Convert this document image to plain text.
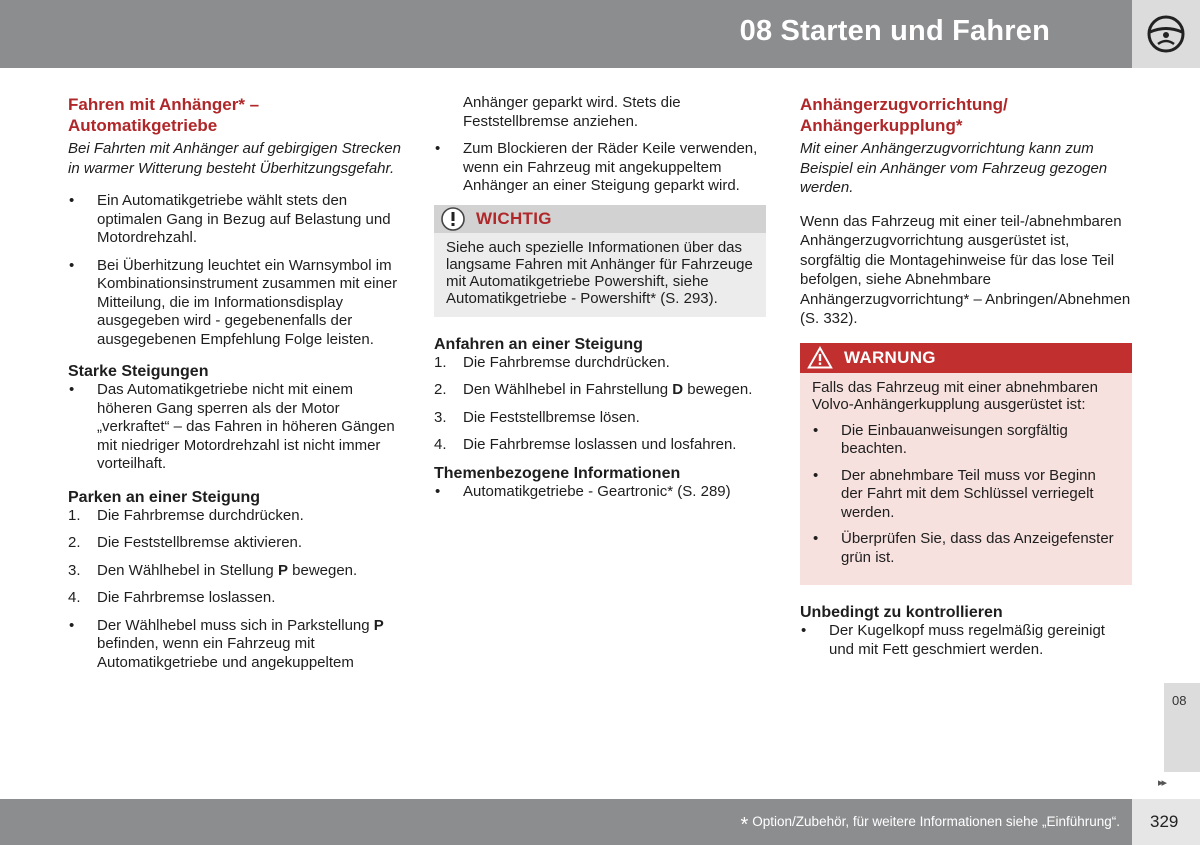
08 Starten und Fahren
Fahren mit Anhänger* – Automatikgetriebe
Bei Fahrten mit Anhänger auf gebirgigen Strecken in warmer Witterung besteht Überhitzungsgefahr.
• Ein Automatikgetriebe wählt stets den optimalen Gang in Bezug auf Belastung und Motordrehzahl.
• Bei Überhitzung leuchtet ein Warnsymbol im Kombinationsinstrument zusammen mit einer Mitteilung, die im Informationsdisplay ausgegeben wird - gegebenenfalls der ausgegebenen Empfehlung Folge leisten.
Starke Steigungen
• Das Automatikgetriebe nicht mit einem höheren Gang sperren als der Motor „verkraftet“ – das Fahren in höheren Gängen mit niedriger Motordrehzahl ist nicht immer vorteilhaft.
Parken an einer Steigung
1. Die Fahrbremse durchdrücken.
2. Die Feststellbremse aktivieren.
3. Den Wählhebel in Stellung P bewegen.
4. Die Fahrbremse loslassen.
• Der Wählhebel muss sich in Parkstellung P befinden, wenn ein Fahrzeug mit Automatikgetriebe und angekuppeltem
Anhänger geparkt wird. Stets die Feststellbremse anziehen.
• Zum Blockieren der Räder Keile verwenden, wenn ein Fahrzeug mit angekuppeltem Anhänger an einer Steigung geparkt wird.
WICHTIG
Siehe auch spezielle Informationen über das langsame Fahren mit Anhänger für Fahrzeuge mit Automatikgetriebe Powershift, siehe Automatikgetriebe - Powershift* (S. 293).
Anfahren an einer Steigung
1. Die Fahrbremse durchdrücken.
2. Den Wählhebel in Fahrstellung D bewegen.
3. Die Feststellbremse lösen.
4. Die Fahrbremse loslassen und losfahren.
Themenbezogene Informationen
• Automatikgetriebe - Geartronic* (S. 289)
Anhängerzugvorrichtung/ Anhängerkupplung*
Mit einer Anhängerzugvorrichtung kann zum Beispiel ein Anhänger vom Fahrzeug gezogen werden.
Wenn das Fahrzeug mit einer teil-/abnehmbaren Anhängerzugvorrichtung ausgerüstet ist, sorgfältig die Montagehinweise für das lose Teil befolgen, siehe Abnehmbare Anhängerzugvorrichtung* – Anbringen/Abnehmen (S. 332).
WARNUNG
Falls das Fahrzeug mit einer abnehmbaren Volvo-Anhängerkupplung ausgerüstet ist:
• Die Einbauanweisungen sorgfältig beachten.
• Der abnehmbare Teil muss vor Beginn der Fahrt mit dem Schlüssel verriegelt werden.
• Überprüfen Sie, dass das Anzeigefenster grün ist.
Unbedingt zu kontrollieren
• Der Kugelkopf muss regelmäßig gereinigt und mit Fett geschmiert werden.
08
▸▸
* Option/Zubehör, für weitere Informationen siehe „Einführung“.	329
